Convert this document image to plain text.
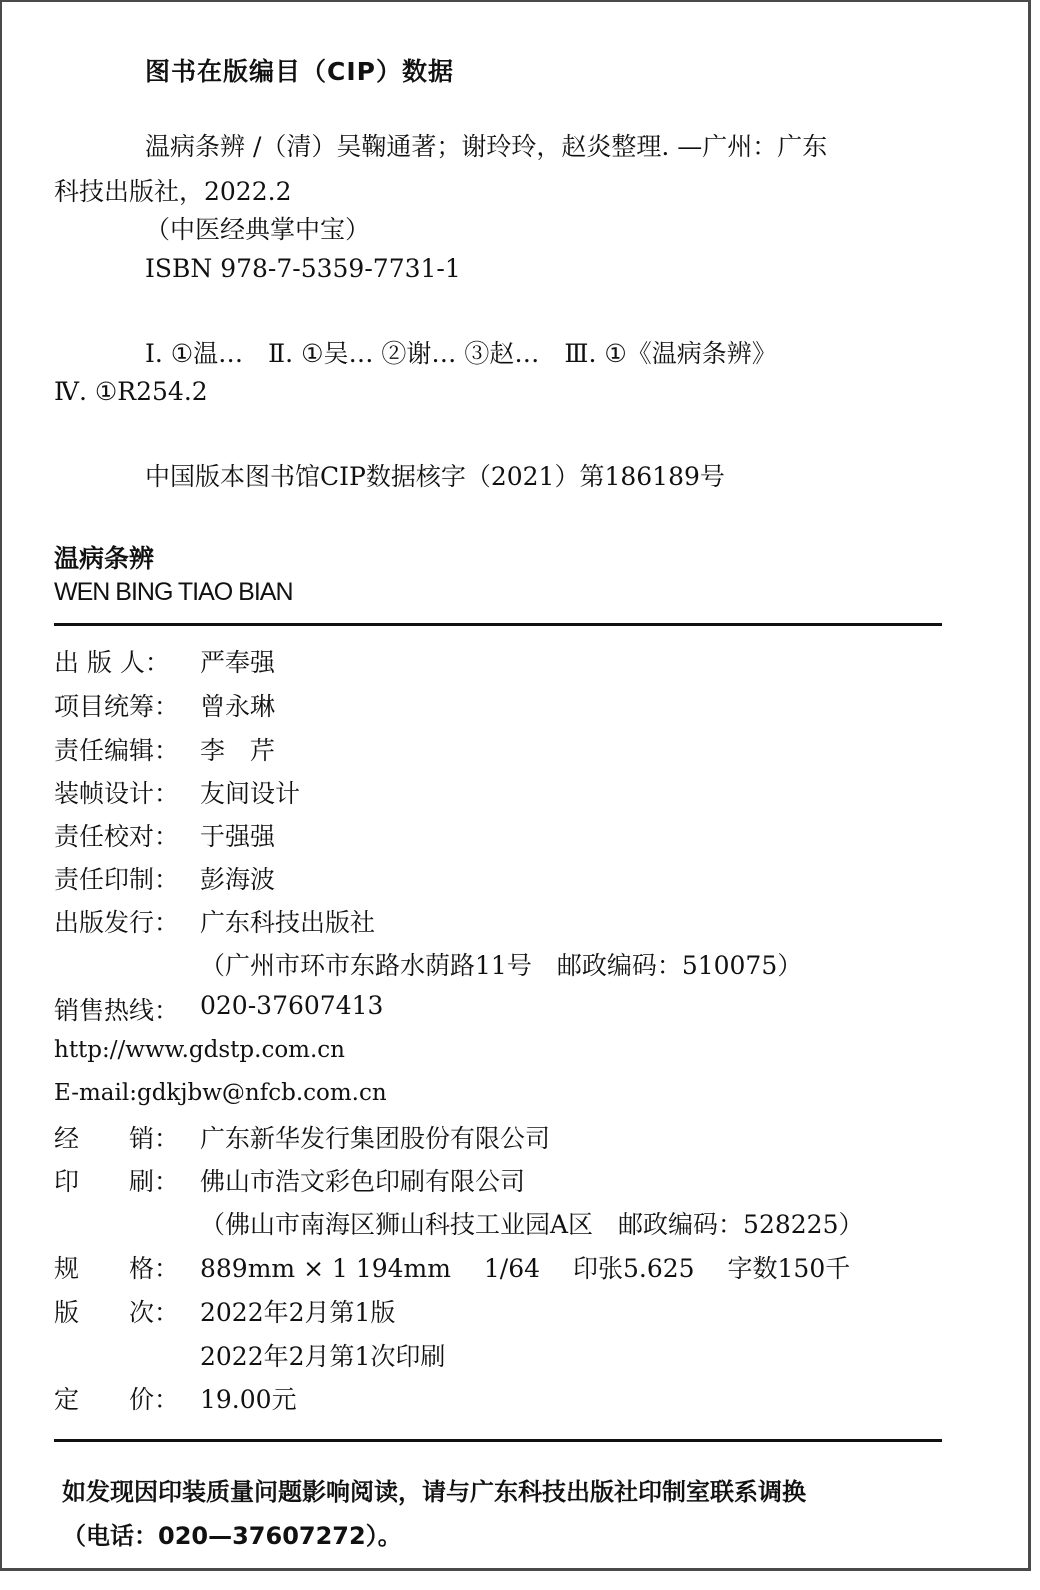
图书在版编目（CIP）数据
温病条辨 /（清）吴鞠通著；谢玲玲，赵炎整理. —广州：广东
科技出版社，2022.2
（中医经典掌中宝）
ISBN 978-7-5359-7731-1
Ⅰ. ①温…　Ⅱ. ①吴… ②谢… ③赵…　Ⅲ. ①《温病条辨》
Ⅳ. ①R254.2
中国版本图书馆CIP数据核字（2021）第186189号
温病条辨
WEN BING TIAO BIAN
出 版 人：	严奉强
项目统筹： 曾永琳
责任编辑： 李　芹
装帧设计： 友间设计
责任校对： 于强强
责任印制： 彭海波
出版发行： 广东科技出版社
（广州市环市东路水荫路11号　邮政编码：510075）
销售热线： 020-37607413
http://www.gdstp.com.cn
E-mail:gdkjbw@nfcb.com.cn
经　　销： 广东新华发行集团股份有限公司
印　　刷： 佛山市浩文彩色印刷有限公司
（佛山市南海区狮山科技工业园A区　邮政编码：528225）
规　　格： 889mm × 1 194mm　 1/64　 印张5.625　 字数150千
版　　次： 2022年2月第1版
2022年2月第1次印刷
定　　价： 19.00元
如发现因印装质量问题影响阅读，请与广东科技出版社印制室联系调换
（电话：020—37607272）。
